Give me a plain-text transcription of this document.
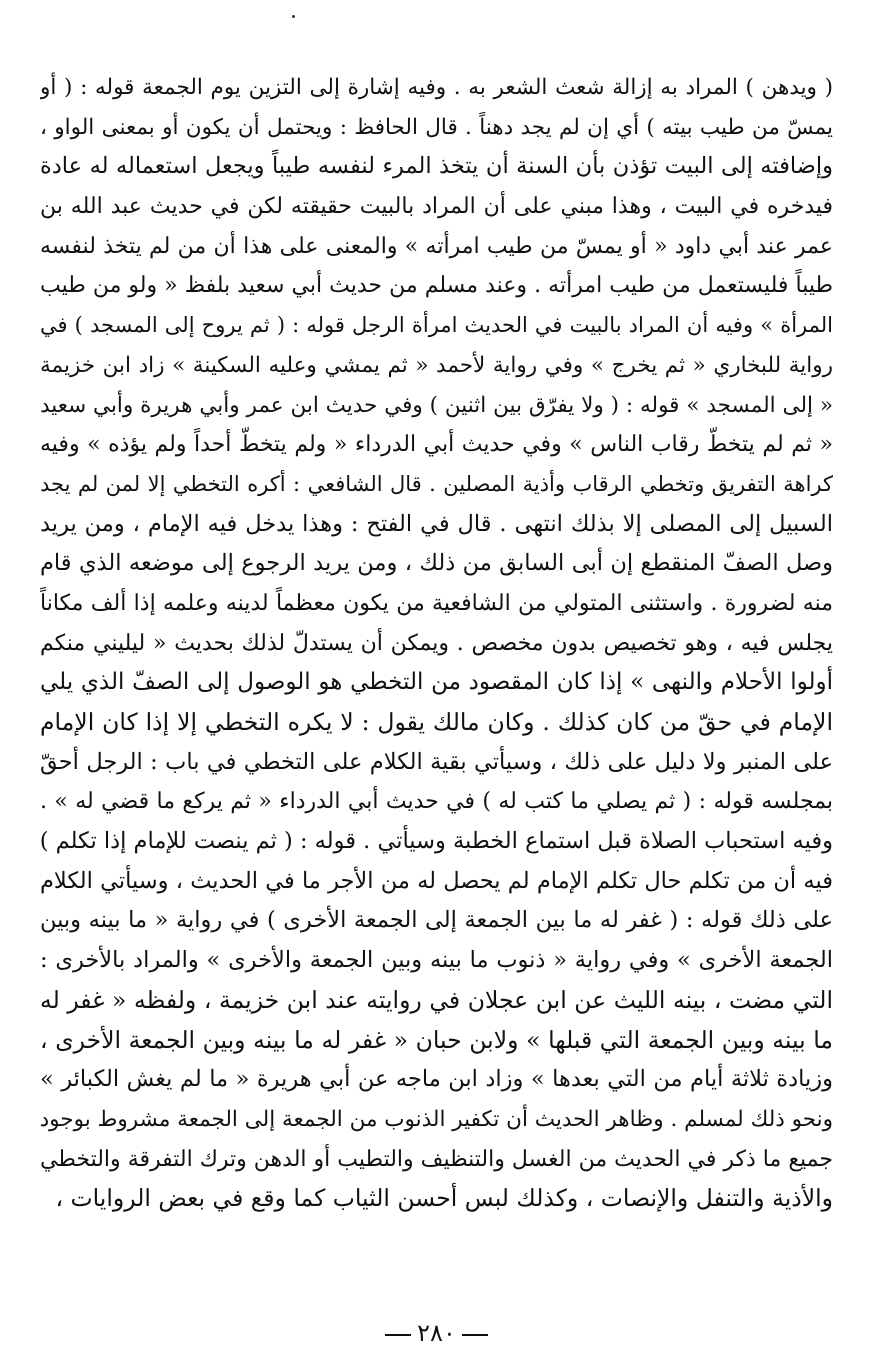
( ويدهن ) المراد به إزالة شعث الشعر به . وفيه إشارة إلى التزين يوم الجمعة قوله : ( أو
يمسّ من طيب بيته ) أي إن لم يجد دهناً . قال الحافظ : ويحتمل أن يكون أو بمعنى الواو ،
وإضافته إلى البيت تؤذن بأن السنة أن يتخذ المرء لنفسه طيباً ويجعل استعماله له عادة
فيدخره في البيت ، وهذا مبني على أن المراد بالبيت حقيقته لكن في حديث عبد الله بن
عمر عند أبي داود « أو يمسّ من طيب امرأته » والمعنى على هذا أن من لم يتخذ لنفسه
طيباً فليستعمل من طيب امرأته . وعند مسلم من حديث أبي سعيد بلفظ « ولو من طيب
المرأة » وفيه أن المراد بالبيت في الحديث امرأة الرجل قوله : ( ثم يروح إلى المسجد ) في
رواية للبخاري « ثم يخرج » وفي رواية لأحمد « ثم يمشي وعليه السكينة » زاد ابن خزيمة
« إلى المسجد » قوله : ( ولا يفرّق بين اثنين ) وفي حديث ابن عمر وأبي هريرة وأبي سعيد
« ثم لم يتخطّ رقاب الناس » وفي حديث أبي الدرداء « ولم يتخطّ أحداً ولم يؤذه » وفيه
كراهة التفريق وتخطي الرقاب وأذية المصلين . قال الشافعي : أكره التخطي إلا لمن لم يجد
السبيل إلى المصلى إلا بذلك انتهى . قال في الفتح : وهذا يدخل فيه الإمام ، ومن يريد
وصل الصفّ المنقطع إن أبى السابق من ذلك ، ومن يريد الرجوع إلى موضعه الذي قام
منه لضرورة . واستثنى المتولي من الشافعية من يكون معظماً لدينه وعلمه إذا ألف مكاناً
يجلس فيه ، وهو تخصيص بدون مخصص . ويمكن أن يستدلّ لذلك بحديث « ليليني منكم
أولوا الأحلام والنهى » إذا كان المقصود من التخطي هو الوصول إلى الصفّ الذي يلي
الإمام في حقّ من كان كذلك . وكان مالك يقول : لا يكره التخطي إلا إذا كان الإمام
على المنبر ولا دليل على ذلك ، وسيأتي بقية الكلام على التخطي في باب : الرجل أحقّ
بمجلسه قوله : ( ثم يصلي ما كتب له ) في حديث أبي الدرداء « ثم يركع ما قضي له » .
وفيه استحباب الصلاة قبل استماع الخطبة وسيأتي . قوله : ( ثم ينصت للإمام إذا تكلم )
فيه أن من تكلم حال تكلم الإمام لم يحصل له من الأجر ما في الحديث ، وسيأتي الكلام
على ذلك قوله : ( غفر له ما بين الجمعة إلى الجمعة الأخرى ) في رواية « ما بينه وبين
الجمعة الأخرى » وفي رواية « ذنوب ما بينه وبين الجمعة والأخرى » والمراد بالأخرى :
التي مضت ، بينه الليث عن ابن عجلان في روايته عند ابن خزيمة ، ولفظه « غفر له
ما بينه وبين الجمعة التي قبلها » ولابن حبان « غفر له ما بينه وبين الجمعة الأخرى ،
وزيادة ثلاثة أيام من التي بعدها » وزاد ابن ماجه عن أبي هريرة « ما لم يغش الكبائر »
ونحو ذلك لمسلم . وظاهر الحديث أن تكفير الذنوب من الجمعة إلى الجمعة مشروط بوجود
جميع ما ذكر في الحديث من الغسل والتنظيف والتطيب أو الدهن وترك التفرقة والتخطي
والأذية والتنفل والإنصات ، وكذلك لبس أحسن الثياب كما وقع في بعض الروايات ،
٢٨٠
